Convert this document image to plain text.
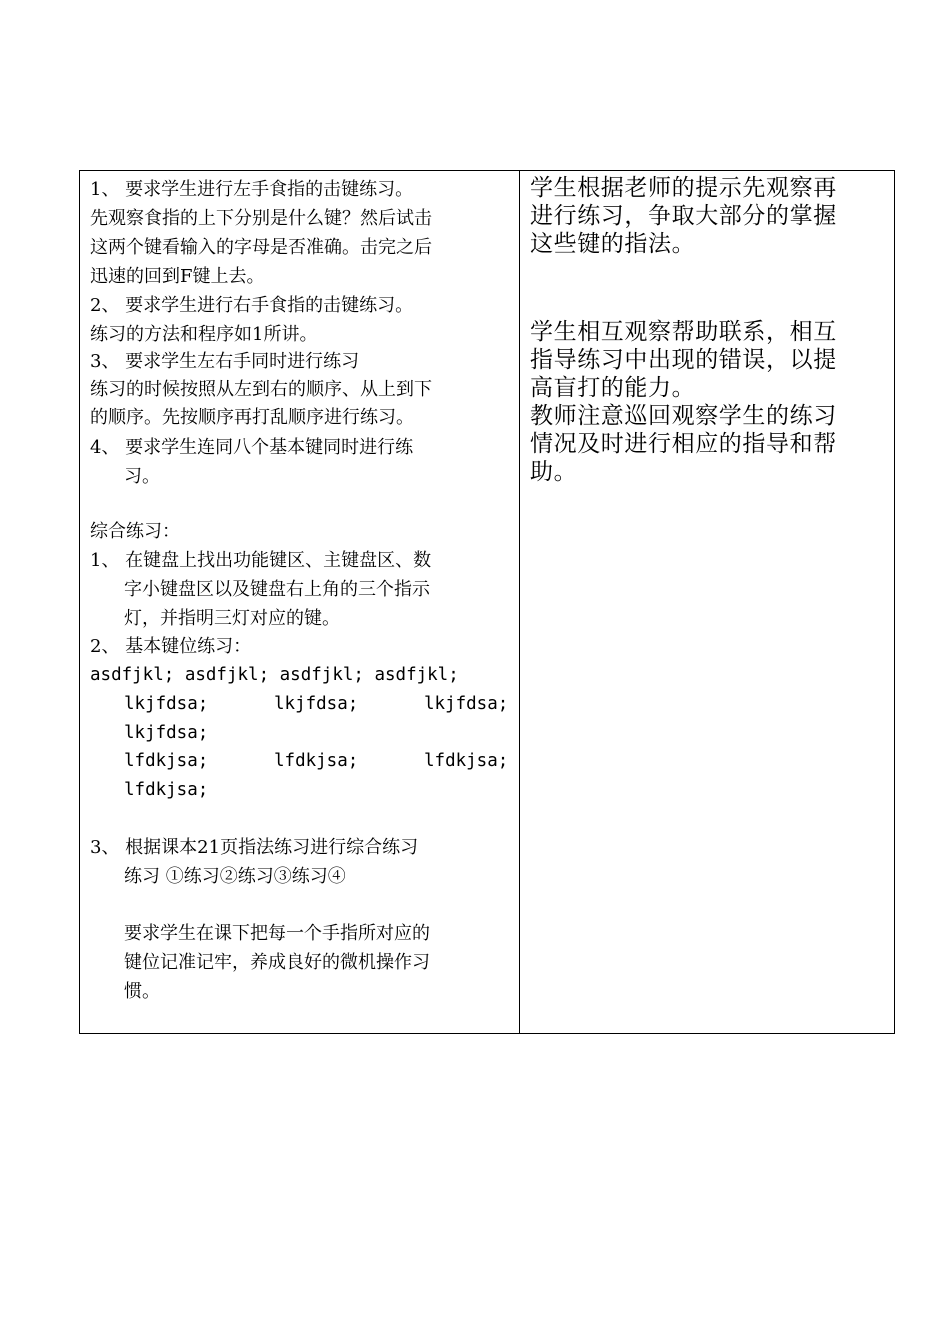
1、 要求学生进行左手食指的击键练习。
先观察食指的上下分别是什么键？然后试击
这两个键看输入的字母是否准确。击完之后
迅速的回到F键上去。
2、 要求学生进行右手食指的击键练习。
练习的方法和程序如1所讲。
3、 要求学生左右手同时进行练习
练习的时候按照从左到右的顺序、从上到下
的顺序。先按顺序再打乱顺序进行练习。
4、 要求学生连同八个基本键同时进行练
习。
综合练习：
1、 在键盘上找出功能键区、主键盘区、数
字小键盘区以及键盘右上角的三个指示
灯，并指明三灯对应的键。
2、 基本键位练习：
asdfjkl; asdfjkl; asdfjkl; asdfjkl;
lkjfdsa;	lkjfdsa;	lkjfdsa;
lkjfdsa;
lfdkjsa;	lfdkjsa;	lfdkjsa;
lfdkjsa;
3、 根据课本21页指法练习进行综合练习
练习 ①练习②练习③练习④
要求学生在课下把每一个手指所对应的
键位记准记牢，养成良好的微机操作习
惯。
学生根据老师的提示先观察再
进行练习，争取大部分的掌握
这些键的指法。
学生相互观察帮助联系，相互
指导练习中出现的错误，以提
高盲打的能力。
教师注意巡回观察学生的练习
情况及时进行相应的指导和帮
助。
